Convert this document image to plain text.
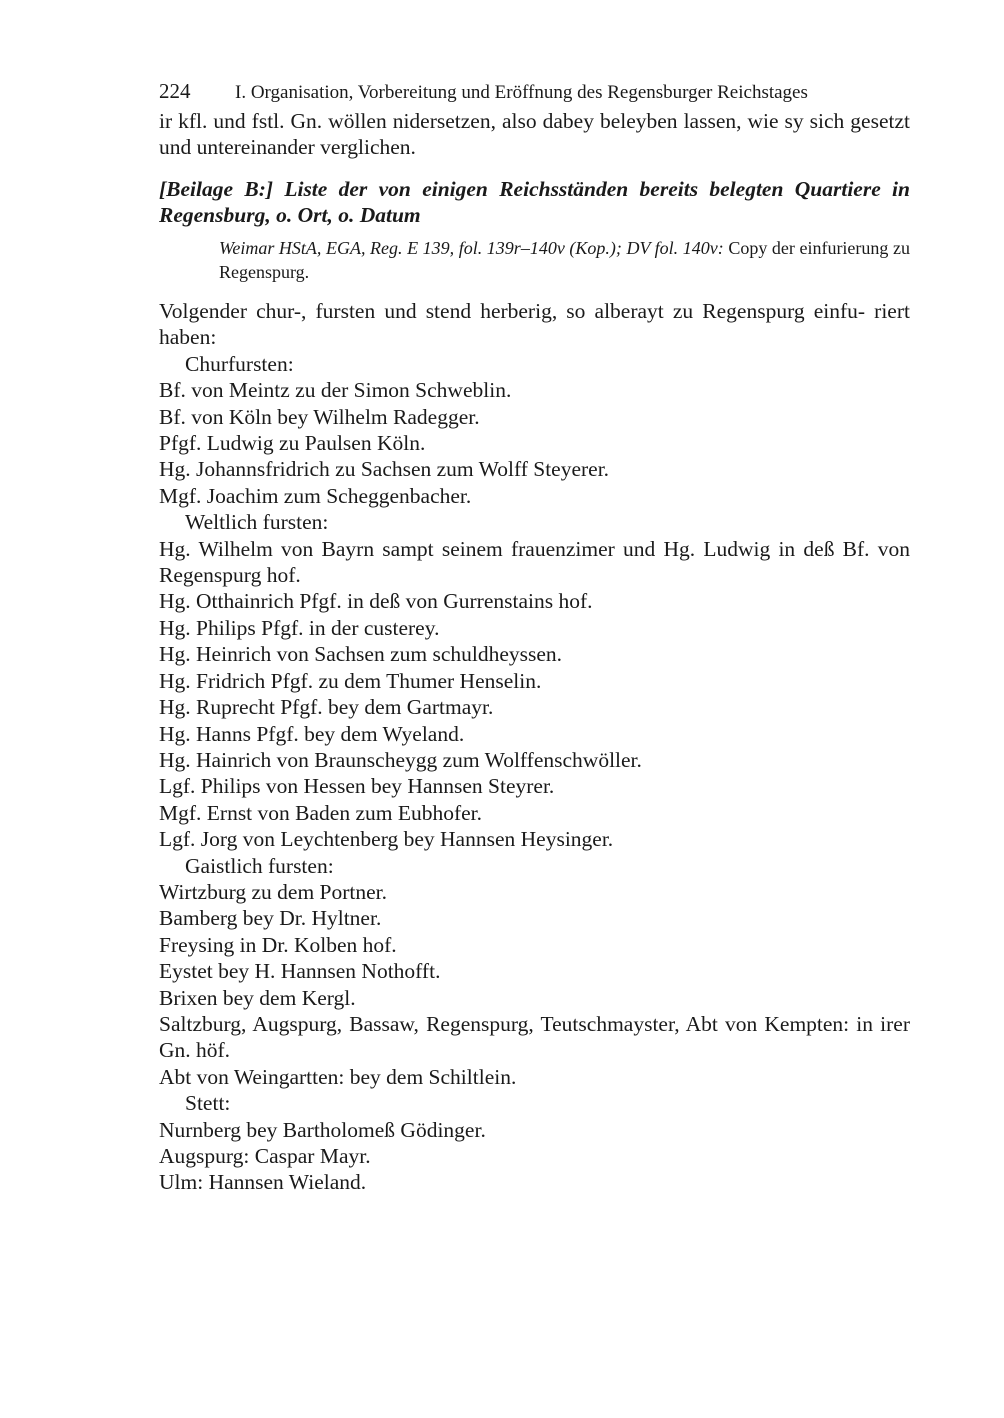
224 I. Organisation, Vorbereitung und Eröffnung des Regensburger Reichstages

ir kfl. und fstl. Gn. wöllen nidersetzen, also dabey beleyben lassen, wie sy sich gesetzt und untereinander verglichen.

[Beilage B:] Liste der von einigen Reichsständen bereits belegten Quartiere in Regensburg, o. Ort, o. Datum

Weimar HStA, EGA, Reg. E 139, fol. 139r–140v (Kop.); DV fol. 140v: Copy der einfurierung zu Regenspurg.

Volgender chur-, fursten und stend herberig, so alberayt zu Regenspurg einfu- riert haben:
Churfursten:
Bf. von Meintz zu der Simon Schweblin.
Bf. von Köln bey Wilhelm Radegger.
Pfgf. Ludwig zu Paulsen Köln.
Hg. Johannsfridrich zu Sachsen zum Wolff Steyerer.
Mgf. Joachim zum Scheggenbacher.
Weltlich fursten:
Hg. Wilhelm von Bayrn sampt seinem frauenzimer und Hg. Ludwig in deß Bf. von Regenspurg hof.
Hg. Otthainrich Pfgf. in deß von Gurrenstains hof.
Hg. Philips Pfgf. in der custerey.
Hg. Heinrich von Sachsen zum schuldheyssen.
Hg. Fridrich Pfgf. zu dem Thumer Henselin.
Hg. Ruprecht Pfgf. bey dem Gartmayr.
Hg. Hanns Pfgf. bey dem Wyeland.
Hg. Hainrich von Braunscheygg zum Wolffenschwöller.
Lgf. Philips von Hessen bey Hannsen Steyrer.
Mgf. Ernst von Baden zum Eubhofer.
Lgf. Jorg von Leychtenberg bey Hannsen Heysinger.
Gaistlich fursten:
Wirtzburg zu dem Portner.
Bamberg bey Dr. Hyltner.
Freysing in Dr. Kolben hof.
Eystet bey H. Hannsen Nothofft.
Brixen bey dem Kergl.
Saltzburg, Augspurg, Bassaw, Regenspurg, Teutschmayster, Abt von Kempten: in irer Gn. höf.
Abt von Weingartten: bey dem Schiltlein.
Stett:
Nurnberg bey Bartholomeß Gödinger.
Augspurg: Caspar Mayr.
Ulm: Hannsen Wieland.
